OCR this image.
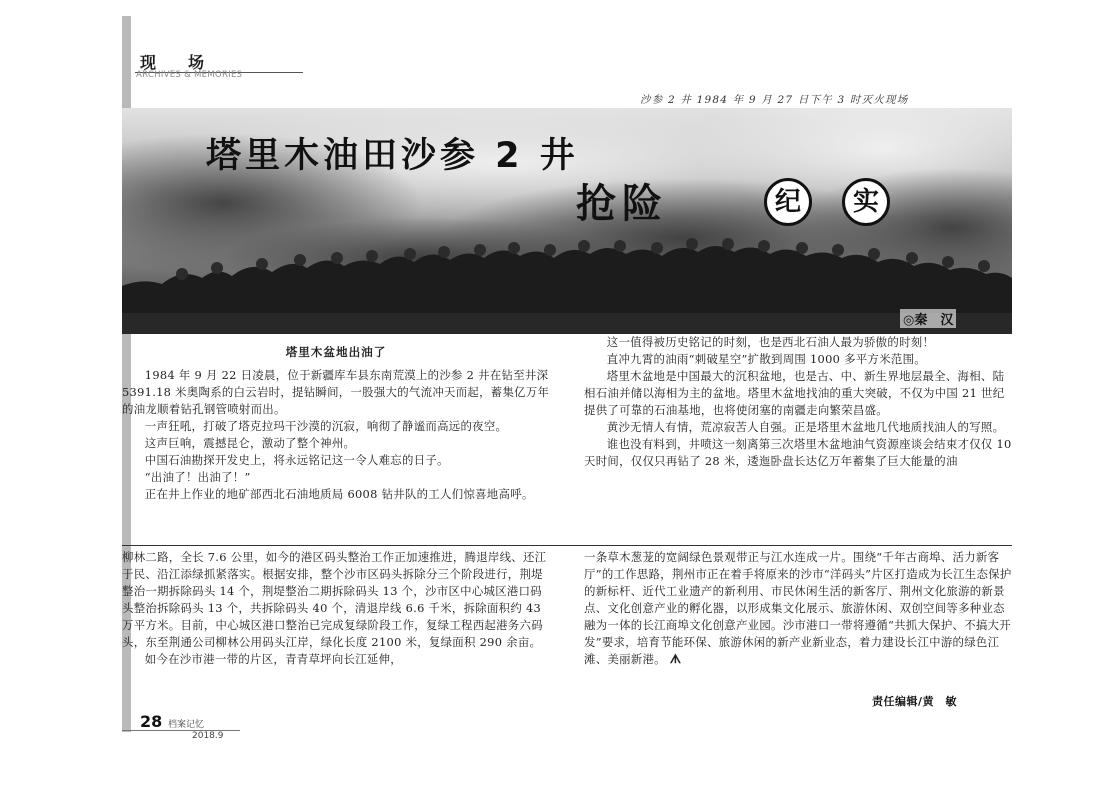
现　场
ARCHIVES & MEMORIES
沙参 2 井 1984 年 9 月 27 日下午 3 时灭火现场
塔里木油田沙参 2 井
抢险	纪	实
◎秦　汉

塔里木盆地出油了

1984 年 9 月 22 日凌晨，位于新疆库车县东南荒漠上的沙参 2 井在钻至井深 5391.18 米奥陶系的白云岩时，提钻瞬间，一股强大的气流冲天而起，蓄集亿万年的油龙顺着钻孔钢管喷射而出。

一声狂吼，打破了塔克拉玛干沙漠的沉寂，响彻了静谧而高远的夜空。

这声巨响，震撼昆仑，激动了整个神州。

中国石油勘探开发史上，将永远铭记这一令人难忘的日子。

“出油了！出油了！”

正在井上作业的地矿部西北石油地质局 6008 钻井队的工人们惊喜地高呼。

这一值得被历史铭记的时刻，也是西北石油人最为骄傲的时刻！

直冲九霄的油雨“刺破星空”扩散到周围 1000 多平方米范围。

塔里木盆地是中国最大的沉积盆地，也是古、中、新生界地层最全、海相、陆相石油并储以海相为主的盆地。塔里木盆地找油的重大突破，不仅为中国 21 世纪提供了可靠的石油基地，也将使闭塞的南疆走向繁荣昌盛。

黄沙无情人有情，荒凉寂苦人自强。正是塔里木盆地几代地质找油人的写照。

谁也没有料到，井喷这一刻离第三次塔里木盆地油气资源座谈会结束才仅仅 10 天时间，仅仅只再钻了 28 米，逶迤卧盘长达亿万年蓄集了巨大能量的油

柳林二路，全长 7.6 公里，如今的港区码头整治工作正加速推进，腾退岸线、还江于民、沿江添绿抓紧落实。根据安排，整个沙市区码头拆除分三个阶段进行，荆堤整治一期拆除码头 14 个，荆堤整治二期拆除码头 13 个，沙市区中心城区港口码头整治拆除码头 13 个，共拆除码头 40 个，清退岸线 6.6 千米，拆除面积约 43 万平方米。目前，中心城区港口整治已完成复绿阶段工作，复绿工程西起港务六码头，东至荆通公司柳林公用码头江岸，绿化长度 2100 米，复绿面积 290 余亩。

如今在沙市港一带的片区，青青草坪向长江延伸，

一条草木葱茏的宽阔绿色景观带正与江水连成一片。围绕“千年古商埠、活力新客厅”的工作思路，荆州市正在着手将原来的沙市“洋码头”片区打造成为长江生态保护的新标杆、近代工业遗产的新利用、市民休闲生活的新客厅、荆州文化旅游的新景点、文化创意产业的孵化器，以形成集文化展示、旅游休闲、双创空间等多种业态融为一体的长江商埠文化创意产业园。沙市港口一带将遵循“共抓大保护、不搞大开发”要求，培育节能环保、旅游休闲的新产业新业态，着力建设长江中游的绿色江滩、美丽新港。 ᗑ

责任编辑/黄　敏
28 档案记忆
2018.9
